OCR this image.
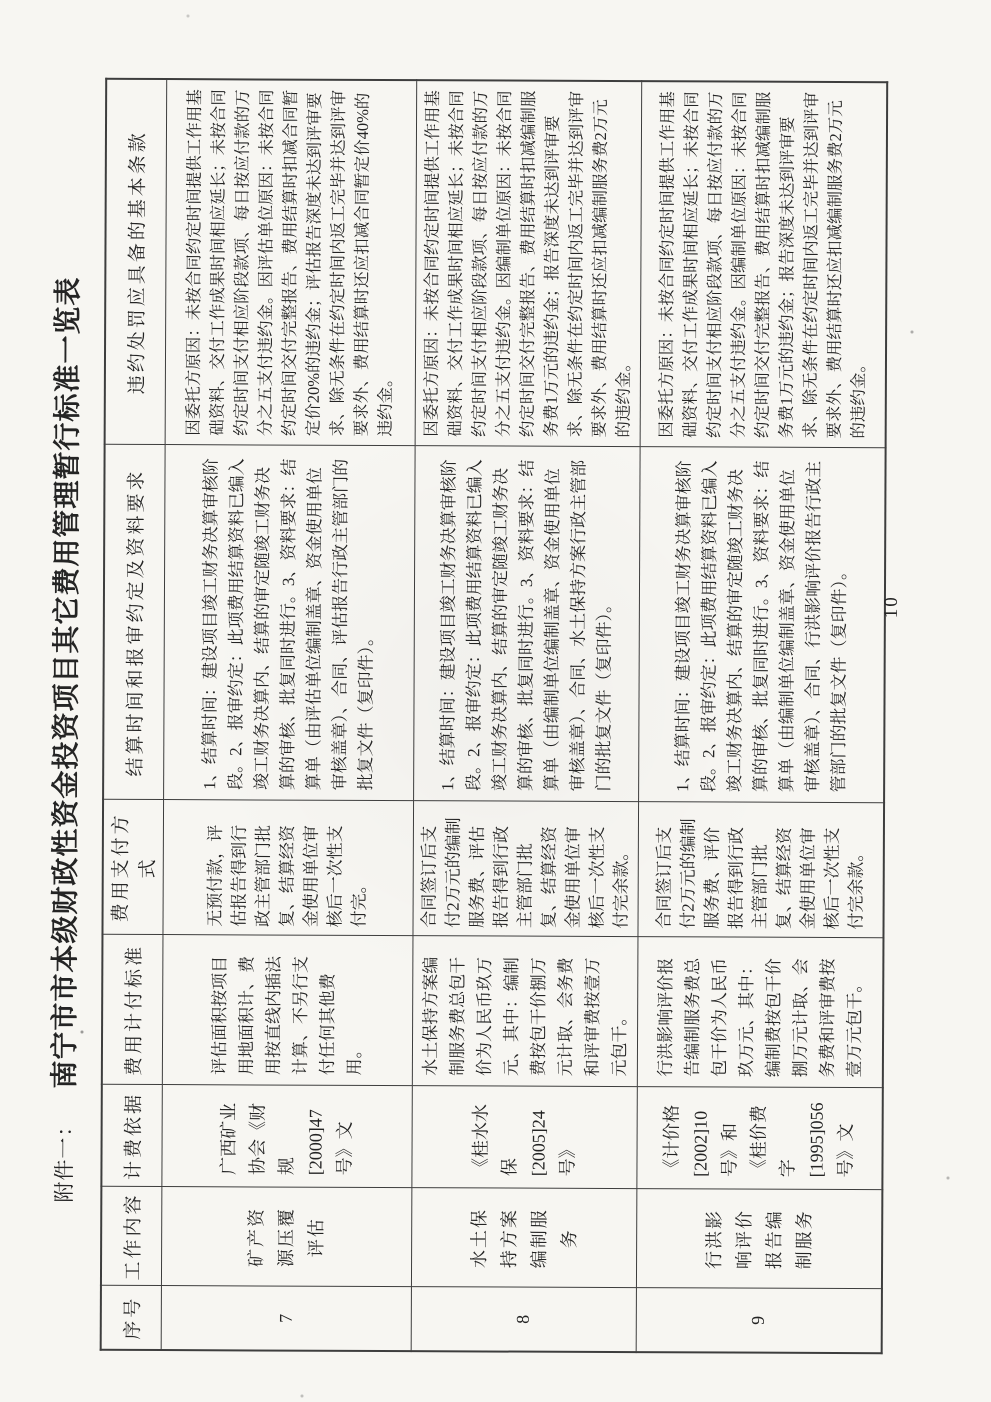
附件一：
南宁市市本级财政性资金投资项目其它费用管理暂行标准一览表
序号	工作内容	计费依据	费用计付标准	费用支付方式	结算时间和报审约定及资料要求	违约处罚应具备的基本条款
7	矿产资源压覆评估	广西矿业协会《财规[2000]47号》文	评估面积按项目用地面积计、费用按直线内插法计算、不另行支付任何其他费用。	无预付款，评估报告得到行政主管部门批复、结算经资金使用单位审核后一次性支付完。	1、结算时间：建设项目竣工财务决算审核阶段。2、报审约定：此项费用结算资料已编入竣工财务决算内、结算的审定随竣工财务决算的审核、批复同时进行。3、资料要求：结算单（由评估单位编制盖章、资金使用单位审核盖章）、合同、评估报告行政主管部门的批复文件（复印件）。	因委托方原因：未按合同约定时间提供工作用基础资料、交付工作成果时间相应延长；未按合同约定时间支付相应阶段款项、每日按应付款的万分之五支付违约金。因评估单位原因：未按合同约定时间交付完整报告、费用结算时扣减合同暂定价20%的违约金；评估报告深度未达到评审要求、除无条件在约定时间内返工完毕并达到评审要求外、费用结算时还应扣减合同暂定价40%的违约金。
8	水土保持方案编制服务	《桂水水保[2005]24号》	水土保持方案编制服务费总包干价为人民币玖万元、其中：编制费按包干价捌万元计取、会务费和评审费按壹万元包干。	合同签订后支付2万元的编制服务费、评估报告得到行政主管部门批复、结算经资金使用单位审核后一次性支付完余款。	1、结算时间：建设项目竣工财务决算审核阶段。2、报审约定：此项费用结算资料已编入竣工财务决算内、结算的审定随竣工财务决算的审核、批复同时进行。3、资料要求：结算单（由编制单位编制盖章、资金使用单位审核盖章）、合同、水土保持方案行政主管部门的批复文件（复印件）。	因委托方原因：未按合同约定时间提供工作用基础资料、交付工作成果时间相应延长；未按合同约定时间支付相应阶段款项、每日按应付款的万分之五支付违约金。因编制单位原因：未按合同约定时间交付完整报告、费用结算时扣减编制服务费1万元的违约金；报告深度未达到评审要求、除无条件在约定时间内返工完毕并达到评审要求外、费用结算时还应扣减编制服务费2万元的违约金。
9	行洪影响评价报告编制服务	《计价格[2002]10号》和《桂价费字[1995]056号》文	行洪影响评价报告编制服务费总包干价为人民币玖万元、其中：编制费按包干价捌万元计取、会务费和评审费按壹万元包干。	合同签订后支付2万元的编制服务费、评价报告得到行政主管部门批复、结算经资金使用单位审核后一次性支付完余款。	1、结算时间：建设项目竣工财务决算审核阶段。2、报审约定：此项费用结算资料已编入竣工财务决算内、结算的审定随竣工财务决算的审核、批复同时进行。3、资料要求：结算单（由编制单位编制盖章、资金使用单位审核盖章）、合同、行洪影响评价报告行政主管部门的批复文件（复印件）。	因委托方原因：未按合同约定时间提供工作用基础资料、交付工作成果时间相应延长；未按合同约定时间支付相应阶段款项、每日按应付款的万分之五支付违约金。因编制单位原因：未按合同约定时间交付完整报告、费用结算时扣减编制服务费1万元的违约金；报告深度未达到评审要求、除无条件在约定时间内返工完毕并达到评审要求外、费用结算时还应扣减编制服务费2万元的违约金。
10
